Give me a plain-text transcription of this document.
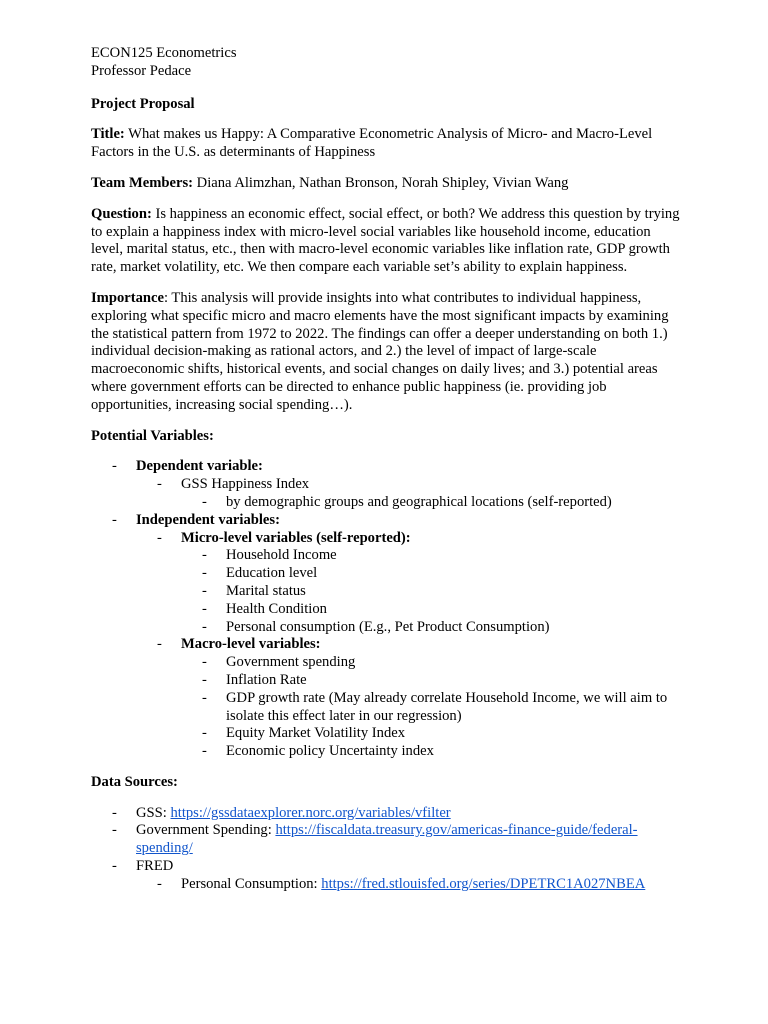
ECON125 Econometrics

Professor Pedace

Project Proposal

Title: What makes us Happy: A Comparative Econometric Analysis of Micro- and Macro-Level Factors in the U.S. as determinants of Happiness

Team Members: Diana Alimzhan, Nathan Bronson, Norah Shipley, Vivian Wang

Question: Is happiness an economic effect, social effect, or both? We address this question by trying to explain a happiness index with micro-level social variables like household income, education level, marital status, etc., then with macro-level economic variables like inflation rate, GDP growth rate, market volatility, etc. We then compare each variable set’s ability to explain happiness.

Importance: This analysis will provide insights into what contributes to individual happiness, exploring what specific micro and macro elements have the most significant impacts by examining the statistical pattern from 1972 to 2022. The findings can offer a deeper understanding on both 1.) individual decision-making as rational actors, and 2.) the level of impact of large-scale macroeconomic shifts, historical events, and social changes on daily lives; and 3.) potential areas where government efforts can be directed to enhance public happiness (ie. providing job opportunities, increasing social spending…).

Potential Variables:

- Dependent variable:
- GSS Happiness Index
- by demographic groups and geographical locations (self-reported)
- Independent variables:
- Micro-level variables (self-reported):
- Household Income
- Education level
- Marital status
- Health Condition
- Personal consumption (E.g., Pet Product Consumption)
- Macro-level variables:
- Government spending
- Inflation Rate
- GDP growth rate (May already correlate Household Income, we will aim to isolate this effect later in our regression)
- Equity Market Volatility Index
- Economic policy Uncertainty index

Data Sources:

- GSS: https://gssdataexplorer.norc.org/variables/vfilter
- Government Spending: https://fiscaldata.treasury.gov/americas-finance-guide/federal-spending/
- FRED
- Personal Consumption: https://fred.stlouisfed.org/series/DPETRC1A027NBEA
